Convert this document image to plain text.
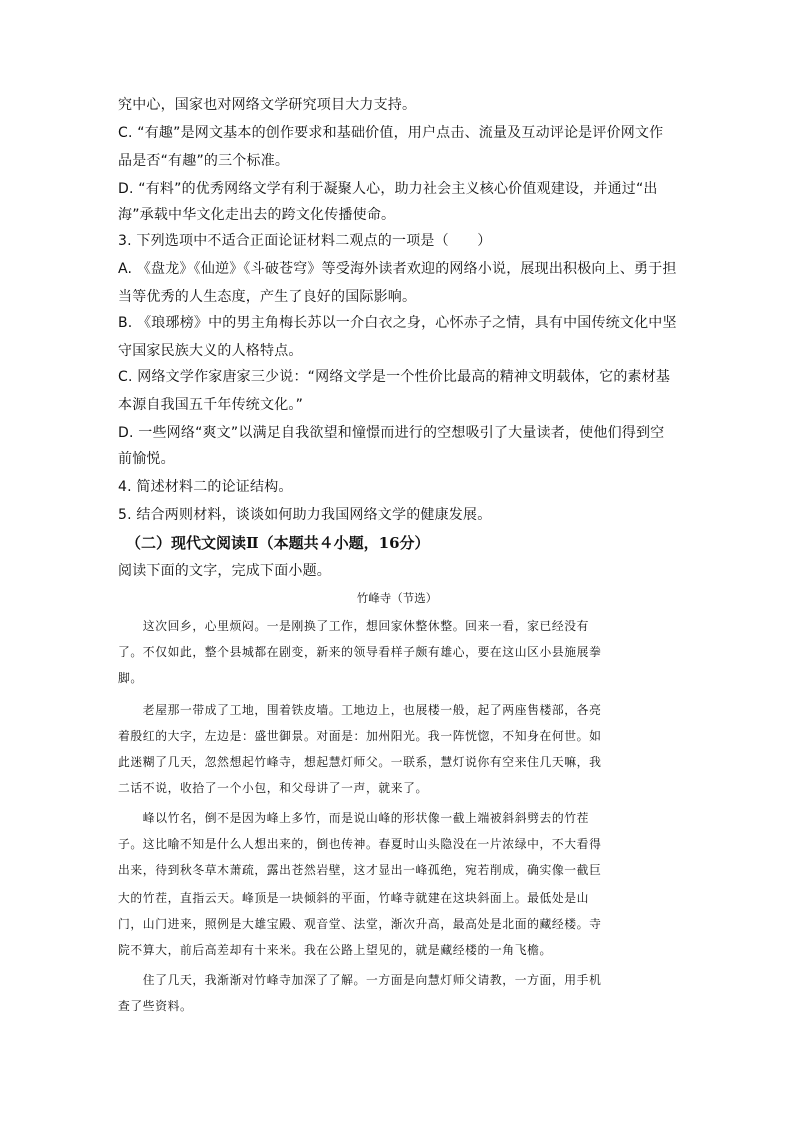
究中心，国家也对网络文学研究项目大力支持。
C. “有趣”是网文基本的创作要求和基础价值，用户点击、流量及互动评论是评价网文作
品是否“有趣”的三个标准。
D. “有料”的优秀网络文学有利于凝聚人心，助力社会主义核心价值观建设，并通过“出
海”承载中华文化走出去的跨文化传播使命。
3. 下列选项中不适合正面论证材料二观点的一项是（　　）
A. 《盘龙》《仙逆》《斗破苍穹》等受海外读者欢迎的网络小说，展现出积极向上、勇于担
当等优秀的人生态度，产生了良好的国际影响。
B. 《琅琊榜》中的男主角梅长苏以一介白衣之身，心怀赤子之情，具有中国传统文化中坚
守国家民族大义的人格特点。
C. 网络文学作家唐家三少说：“网络文学是一个性价比最高的精神文明载体，它的素材基
本源自我国五千年传统文化。”
D. 一些网络“爽文”以满足自我欲望和憧憬而进行的空想吸引了大量读者，使他们得到空
前愉悦。
4. 简述材料二的论证结构。
5. 结合两则材料，谈谈如何助力我国网络文学的健康发展。
（二）现代文阅读Ⅱ（本题共４小题，16分）
阅读下面的文字，完成下面小题。
竹峰寺（节选）
　　这次回乡，心里烦闷。一是刚换了工作，想回家休整休整。回来一看，家已经没有
了。不仅如此，整个县城都在剧变，新来的领导看样子颇有雄心，要在这山区小县施展拳
脚。
　　老屋那一带成了工地，围着铁皮墙。工地边上，也展楼一般，起了两座售楼部，各亮
着殷红的大字，左边是：盛世御景。对面是：加州阳光。我一阵恍惚，不知身在何世。如
此迷糊了几天，忽然想起竹峰寺，想起慧灯师父。一联系，慧灯说你有空来住几天嘛，我
二话不说，收拾了一个小包，和父母讲了一声，就来了。
　　峰以竹名，倒不是因为峰上多竹，而是说山峰的形状像一截上端被斜斜劈去的竹茬
子。这比喻不知是什么人想出来的，倒也传神。春夏时山头隐没在一片浓绿中，不大看得
出来，待到秋冬草木萧疏，露出苍然岩壁，这才显出一峰孤绝，宛若削成，确实像一截巨
大的竹茬，直指云天。峰顶是一块倾斜的平面，竹峰寺就建在这块斜面上。最低处是山
门，山门进来，照例是大雄宝殿、观音堂、法堂，渐次升高，最高处是北面的藏经楼。寺
院不算大，前后高差却有十来米。我在公路上望见的，就是藏经楼的一角飞檐。
　　住了几天，我渐渐对竹峰寺加深了了解。一方面是向慧灯师父请教，一方面，用手机
查了些资料。
